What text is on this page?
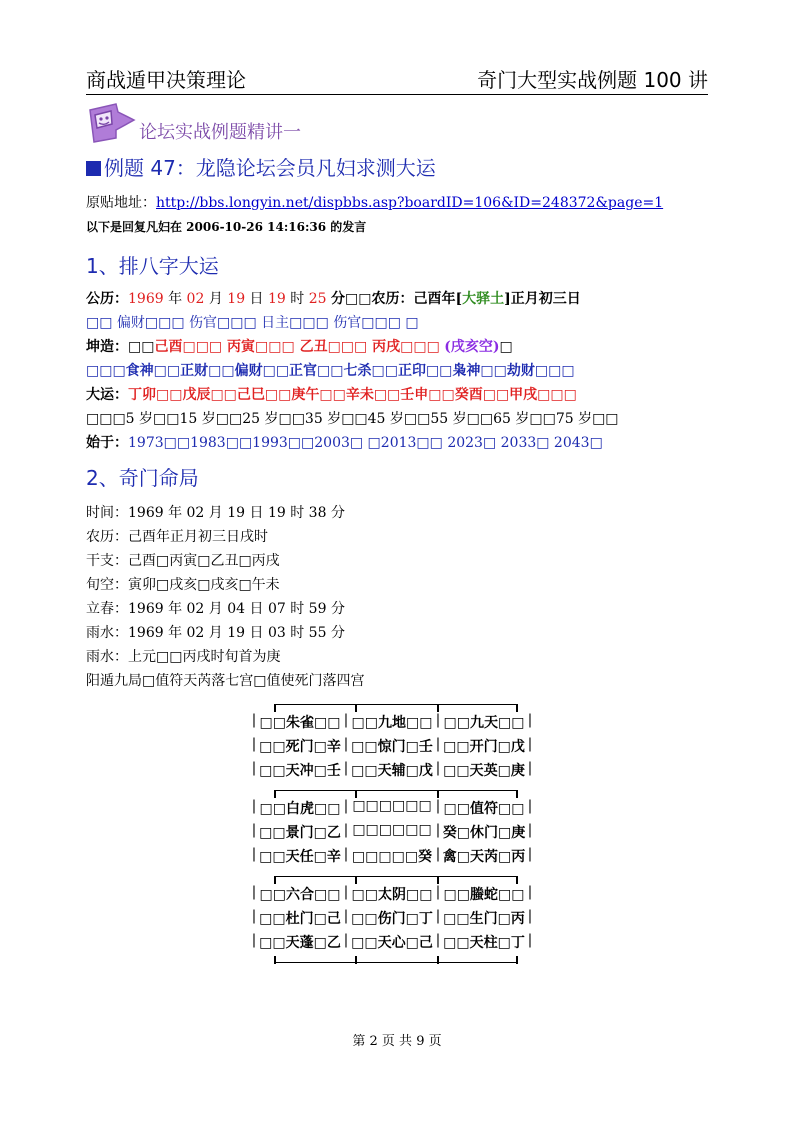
商战遁甲决策理论	奇门大型实战例题 100 讲
论坛实战例题精讲一
例题 47：龙隐论坛会员凡妇求测大运
原贴地址：http://bbs.longyin.net/dispbbs.asp?boardID=106&ID=248372&page=1
以下是回复凡妇在 2006-10-26 14:16:36 的发言
1、排八字大运
公历：1969 年 02 月 19 日 19 时 25 分□□农历：己酉年[大驿土]正月初三日
□□ 偏财□□□ 伤官□□□ 日主□□□ 伤官□□□ □
坤造：□□己酉□□□ 丙寅□□□ 乙丑□□□ 丙戌□□□ (戌亥空)□
□□□食神□□正财□□偏财□□正官□□七杀□□正印□□枭神□□劫财□□□
大运：丁卯□□戊辰□□己巳□□庚午□□辛未□□壬申□□癸酉□□甲戌□□□
□□□5 岁□□15 岁□□25 岁□□35 岁□□45 岁□□55 岁□□65 岁□□75 岁□□
始于：1973□□1983□□1993□□2003□ □2013□□ 2023□ 2033□ 2043□
2、奇门命局
时间：1969 年 02 月 19 日 19 时 38 分
农历：己酉年正月初三日戌时
干支：己酉□丙寅□乙丑□丙戌
旬空：寅卯□戌亥□戌亥□午未
立春：1969 年 02 月 04 日 07 时 59 分
雨水：1969 年 02 月 19 日 03 时 55 分
雨水：上元□□丙戌时旬首为庚
阳遁九局□值符天芮落七宫□值使死门落四宫
| □□朱雀□□ | □□九地□□ | □□九天□□ |
| □□死门□辛 | □□惊门□壬 | □□开门□戊 |
| □□天冲□壬 | □□天辅□戊 | □□天英□庚 |
| □□白虎□□ | □□□□□□ | □□值符□□ |
| □□景门□乙 | □□□□□□ | 癸□休门□庚 |
| □□天任□辛 | □□□□□癸 | 禽□天芮□丙 |
| □□六合□□ | □□太阴□□ | □□螣蛇□□ |
| □□杜门□己 | □□伤门□丁 | □□生门□丙 |
| □□天蓬□乙 | □□天心□己 | □□天柱□丁 |
第 2 页 共 9 页
